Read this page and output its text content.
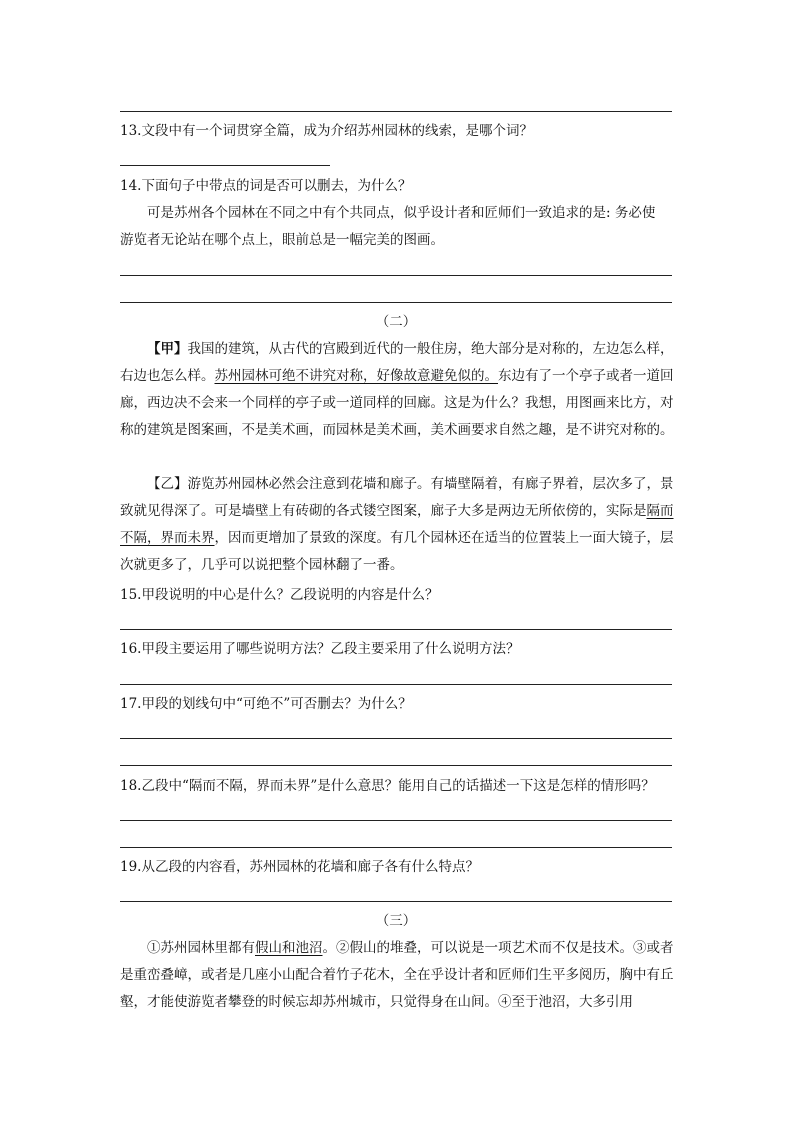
13.文段中有一个词贯穿全篇，成为介绍苏州园林的线索，是哪个词？
14.下面句子中带点的词是否可以删去，为什么？
可是苏州各个园林在不同之中有个共同点，似乎设计者和匠师们一致追求的是: 务必使
游览者无论站在哪个点上，眼前总是一幅完美的图画。
（二）
【甲】我国的建筑，从古代的宫殿到近代的一般住房，绝大部分是对称的，左边怎么样，右边也怎么样。苏州园林可绝不讲究对称，好像故意避免似的。东边有了一个亭子或者一道回廊，西边决不会来一个同样的亭子或一道同样的回廊。这是为什么？我想，用图画来比方，对称的建筑是图案画，不是美术画，而园林是美术画，美术画要求自然之趣，是不讲究对称的。
【乙】游览苏州园林必然会注意到花墙和廊子。有墙壁隔着，有廊子界着，层次多了，景致就见得深了。可是墙壁上有砖砌的各式镂空图案，廊子大多是两边无所依傍的，实际是隔而不隔，界而未界，因而更增加了景致的深度。有几个园林还在适当的位置装上一面大镜子，层次就更多了，几乎可以说把整个园林翻了一番。
15.甲段说明的中心是什么？乙段说明的内容是什么？
16.甲段主要运用了哪些说明方法？乙段主要采用了什么说明方法？
17.甲段的划线句中“可绝不”可否删去？为什么？
18.乙段中“隔而不隔，界而未界”是什么意思？能用自己的话描述一下这是怎样的情形吗？
19.从乙段的内容看，苏州园林的花墙和廊子各有什么特点？
（三）
①苏州园林里都有假山和池沼。②假山的堆叠，可以说是一项艺术而不仅是技术。③或者是重峦叠嶂，或者是几座小山配合着竹子花木，全在乎设计者和匠师们生平多阅历，胸中有丘壑，才能使游览者攀登的时候忘却苏州城市，只觉得身在山间。④至于池沼，大多引用
